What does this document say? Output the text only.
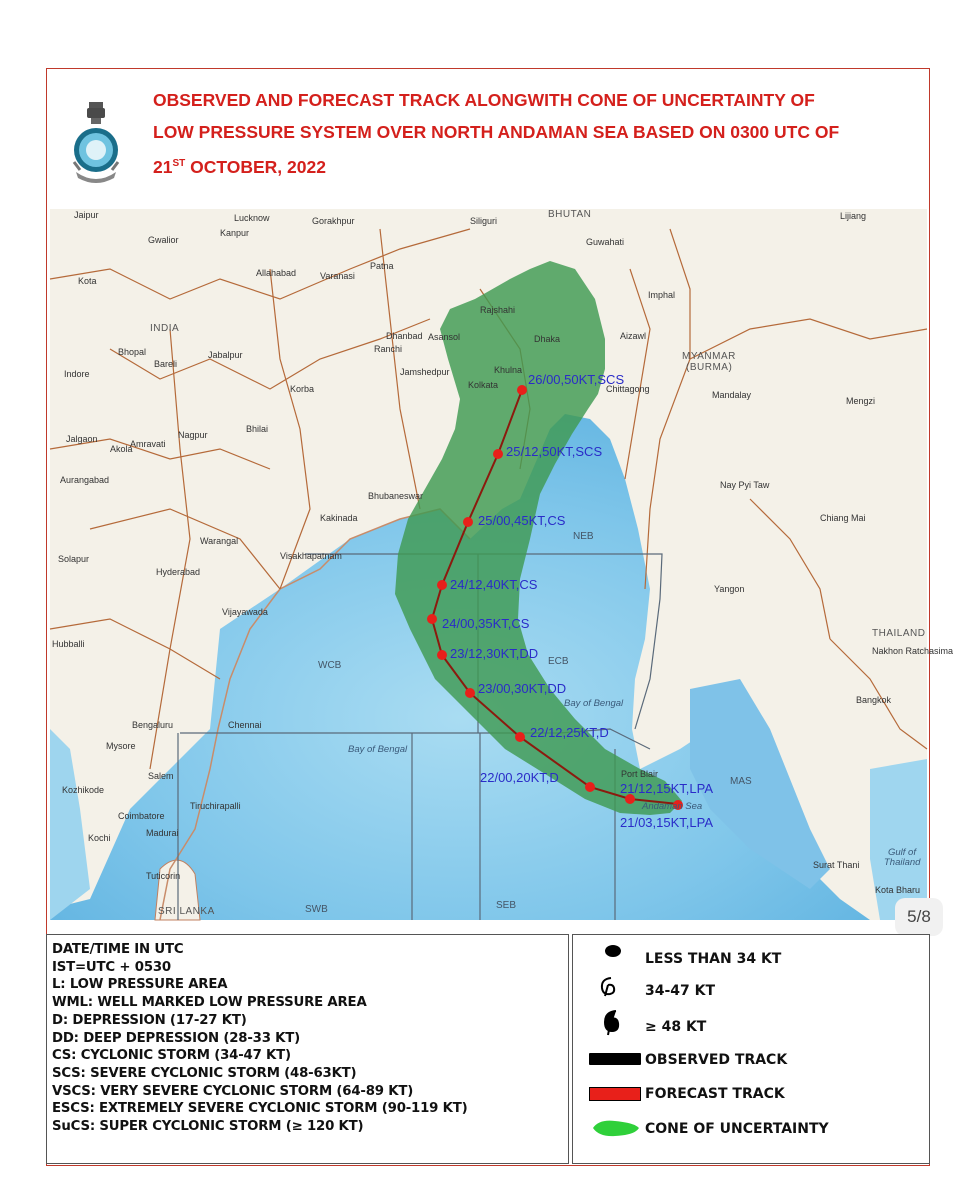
OBSERVED AND FORECAST TRACK ALONGWITH CONE OF UNCERTAINTY OF
LOW PRESSURE SYSTEM OVER NORTH ANDAMAN SEA BASED ON 0300 UTC OF
21ST OCTOBER, 2022
26/00,50KT,SCS
25/12,50KT,SCS
25/00,45KT,CS
24/12,40KT,CS
24/00,35KT,CS
23/12,30KT,DD
23/00,30KT,DD
22/12,25KT,D
22/00,20KT,D
21/12,15KT,LPA
21/03,15KT,LPA
NEB
ECB
WCB
SWB	SEB
MAS
Bay of Bengal
Bay of Bengal
Andaman Sea
Gulf of
Thailand
INDIA
MYANMAR
(BURMA)
THAILAND
SRI LANKA
BHUTAN
Jaipur	Lucknow	Gorakhpur	Siliguri	Lijiang
Gwalior
Kanpur
Guwahati
Kota
Allahabad	Varanasi
Patna
Imphal
Rajshahi
Bhopal	Jabalpur
Dhanbad	Dhaka	Aizawl
Ranchi
Asansol
Indore
Bareli
Khulna
Jamshedpur
Kolkata	Chittagong
Mandalay
Korba
Nagpur
Bhilai
Amravati
Akola
Jalgaon
Bhubaneswar
Aurangabad	Nay Pyi Taw
Kakinada	Chiang Mai
Warangal
Hyderabad
Visakhapatnam
Solapur
Vijayawada
Yangon
Hubballi
Nakhon Ratchasima
Bangkok
Chennai
Bengaluru
Mysore
Salem
Kozhikode
Tiruchirapalli
Coimbatore
Madurai
Kochi
Tuticorin
Surat Thani
Kota Bharu
Mengzi
Port Blair
5/8
DATE/TIME IN UTC
IST=UTC + 0530
L: LOW PRESSURE AREA
WML: WELL MARKED LOW PRESSURE AREA
D: DEPRESSION (17-27 KT)
DD: DEEP DEPRESSION (28-33 KT)
CS: CYCLONIC STORM (34-47 KT)
SCS: SEVERE CYCLONIC STORM (48-63KT)
VSCS: VERY SEVERE CYCLONIC STORM (64-89 KT)
ESCS: EXTREMELY SEVERE CYCLONIC STORM (90-119 KT)
SuCS: SUPER CYCLONIC STORM (≥ 120 KT)
LESS THAN 34 KT
34-47 KT
≥ 48 KT
OBSERVED TRACK
FORECAST TRACK
CONE OF UNCERTAINTY
